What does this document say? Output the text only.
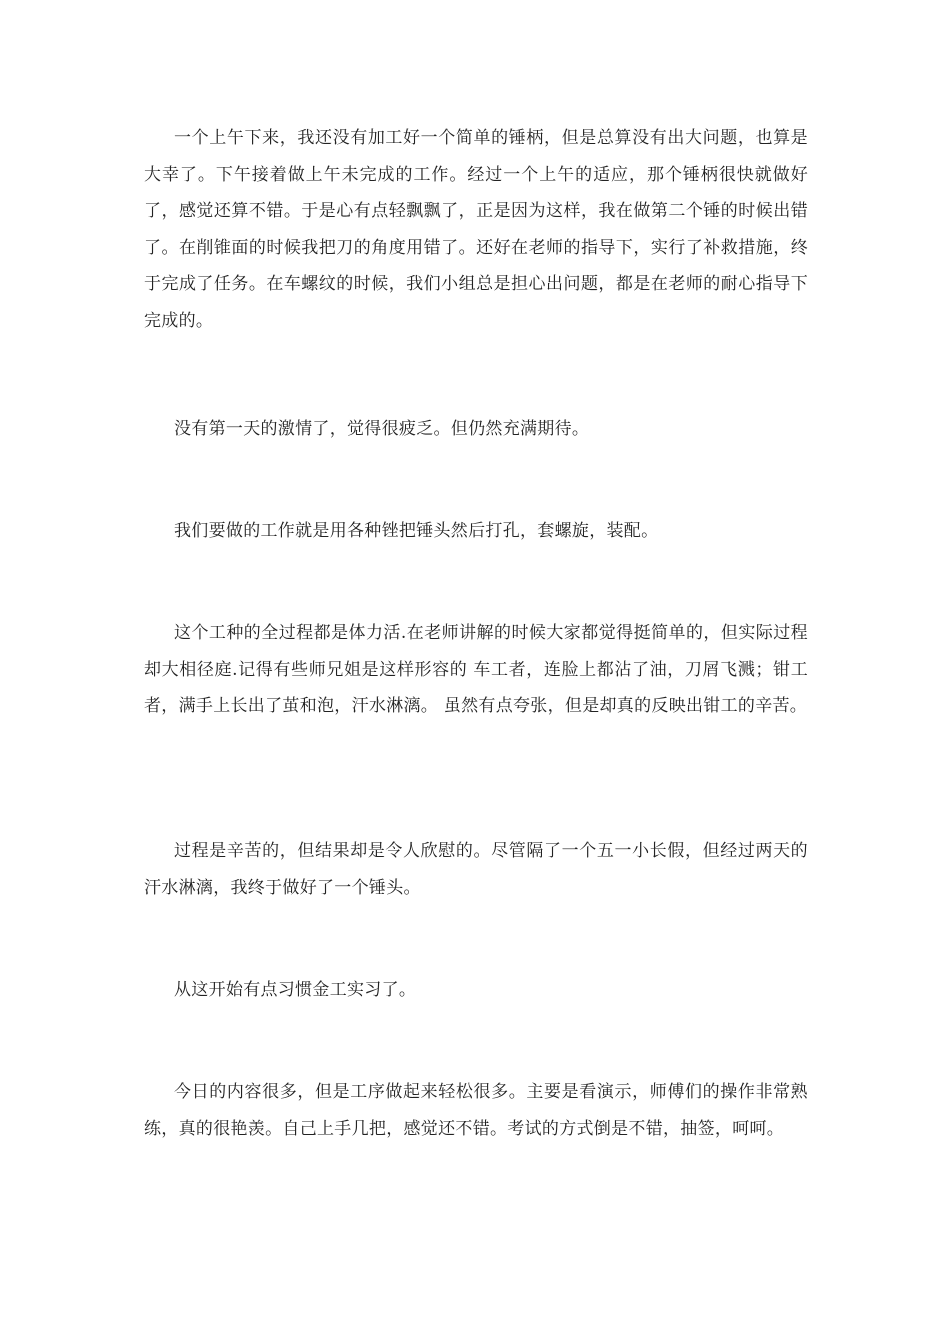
一个上午下来，我还没有加工好一个简单的锤柄，但是总算没有出大问题，也算是大幸了。下午接着做上午未完成的工作。经过一个上午的适应，那个锤柄很快就做好了，感觉还算不错。于是心有点轻飘飘了，正是因为这样，我在做第二个锤的时候出错了。在削锥面的时候我把刀的角度用错了。还好在老师的指导下，实行了补救措施，终于完成了任务。在车螺纹的时候，我们小组总是担心出问题，都是在老师的耐心指导下完成的。

没有第一天的激情了，觉得很疲乏。但仍然充满期待。

我们要做的工作就是用各种锉把锤头然后打孔，套螺旋，装配。

这个工种的全过程都是体力活.在老师讲解的时候大家都觉得挺简单的，但实际过程却大相径庭.记得有些师兄姐是这样形容的 车工者，连脸上都沾了油，刀屑飞溅；钳工者，满手上长出了茧和泡，汗水淋漓。 虽然有点夸张，但是却真的反映出钳工的辛苦。

过程是辛苦的，但结果却是令人欣慰的。尽管隔了一个五一小长假，但经过两天的汗水淋漓，我终于做好了一个锤头。

从这开始有点习惯金工实习了。

今日的内容很多，但是工序做起来轻松很多。主要是看演示，师傅们的操作非常熟练，真的很艳羡。自己上手几把，感觉还不错。考试的方式倒是不错，抽签，呵呵。
